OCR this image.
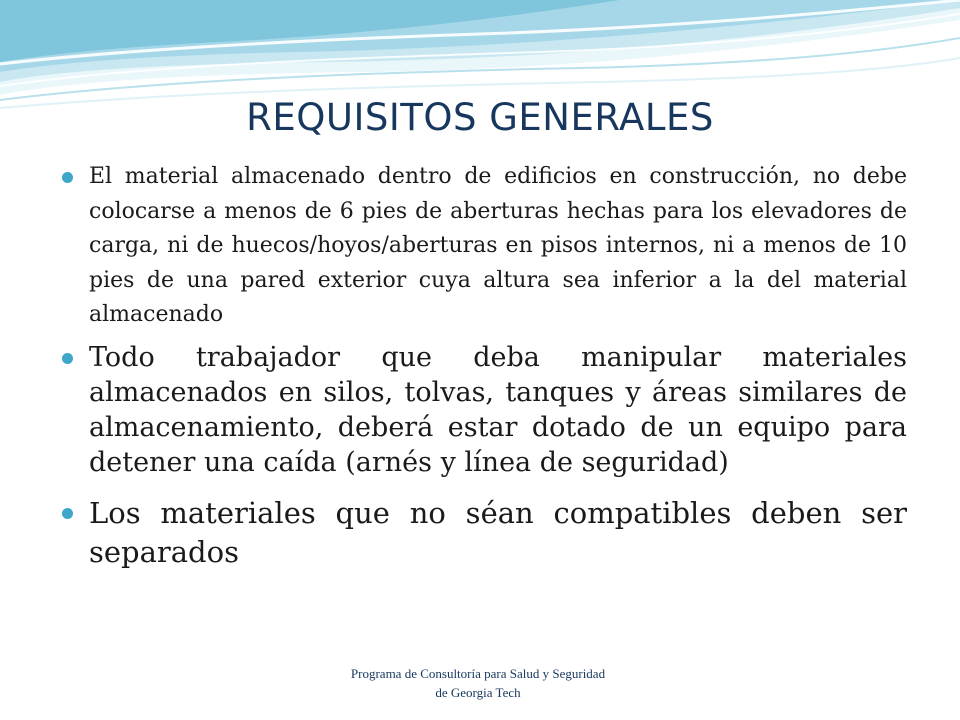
REQUISITOS GENERALES
El material almacenado dentro de edificios en construcción, no debe colocarse a menos de 6 pies de aberturas hechas para los elevadores de carga, ni de huecos/hoyos/aberturas en pisos internos, ni a menos de 10 pies de una pared exterior cuya altura sea inferior a la del material almacenado
Todo trabajador que deba manipular materiales almacenados en silos, tolvas, tanques y áreas similares de almacenamiento, deberá estar dotado de un equipo para detener una caída (arnés y línea de seguridad)
Los materiales que no séan compatibles deben ser separados
Programa de Consultoría para Salud y Seguridad
de Georgia Tech
